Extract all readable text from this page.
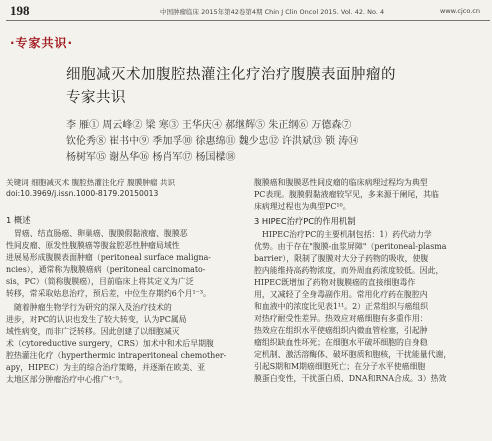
198	中国肿瘤临床 2015年第42卷第4期 Chin J Clin Oncol 2015. Vol. 42. No. 4	www.cjco.cn
·专家共识·
细胞减灭术加腹腔热灌注化疗治疗腹膜表面肿瘤的
专家共识
李 雁① 周云峰② 梁 寒③ 王华庆④ 郝继辉⑤ 朱正纲⑥ 万德森⑦
钦伦秀⑧ 崔书中⑨ 季加孚⑩ 徐惠绵⑪ 魏少忠⑫ 许洪斌⑬ 锁 涛⑭
杨树军⑮ 谢丛华⑯ 杨肖军⑰ 杨国樑⑱
关键词 细胞减灭术 腹腔热灌注化疗 腹膜肿瘤 共识
doi:10.3969/j.issn.1000-8179.20150013
1 概述
胃癌、结直肠癌、卵巢癌、腹膜假黏液瘤、腹膜恶
性间皮瘤、原发性腹膜癌等腹盆腔恶性肿瘤局域性
进展易形成腹膜表面肿瘤（peritoneal surface maligna-
ncies），通常称为腹膜癌病（peritoneal carcinomato-
sis，PC）（简称腹膜癌），目前临床上将其定义为广泛
转移，常采取姑息治疗，预后差，中位生存期约6个月¹⁻³。
随着肿瘤生物学行为研究的深入及治疗技术的
进步，对PC的认识也发生了较大转变，认为PC属局
域性病变，而非广泛转移。因此创建了以细胞减灭
术（cytoreductive surgery，CRS）加术中和术后早期腹
腔热灌注化疗（hyperthermic intraperitoneal chemother-
apy，HIPEC）为主的综合治疗策略，并逐渐在欧美、亚
太地区部分肿瘤治疗中心推广⁴⁻⁵。
腹膜癌和腹膜恶性间皮瘤的临床病理过程均为典型
PC表现。腹膜假黏液瘤较罕见，多来源于阑尾，其临
床病理过程也为典型PC¹⁰。
3 HIPEC治疗PC的作用机制
HIPEC治疗PC的主要机制包括：1）药代动力学
优势。由于存在"腹膜-血浆屏障"（peritoneal-plasma
barrier），限制了腹膜对大分子药物的吸收，使腹
腔内能维持高药物浓度，而外周血药浓度较低。因此，
HIPEC既增加了药物对腹膜癌的直接细胞毒作
用，又减轻了全身毒副作用。常用化疗药在腹腔内
和血液中的浓度比见表1¹¹。2）正常组织与癌组织
对热疗耐受性差异。热效应对癌细胞有多重作用：
热效应在组织水平使癌组织内微血管栓塞，引起肿
瘤组织缺血性坏死；在细胞水平破坏细胞的自身稳
定机制、激活溶酶体、破坏胞质和胞核，干扰能量代谢，
引起S期和M期癌细胞死亡；在分子水平使癌细胞
膜蛋白变性，干扰蛋白质、DNA和RNA合成。3）热效
